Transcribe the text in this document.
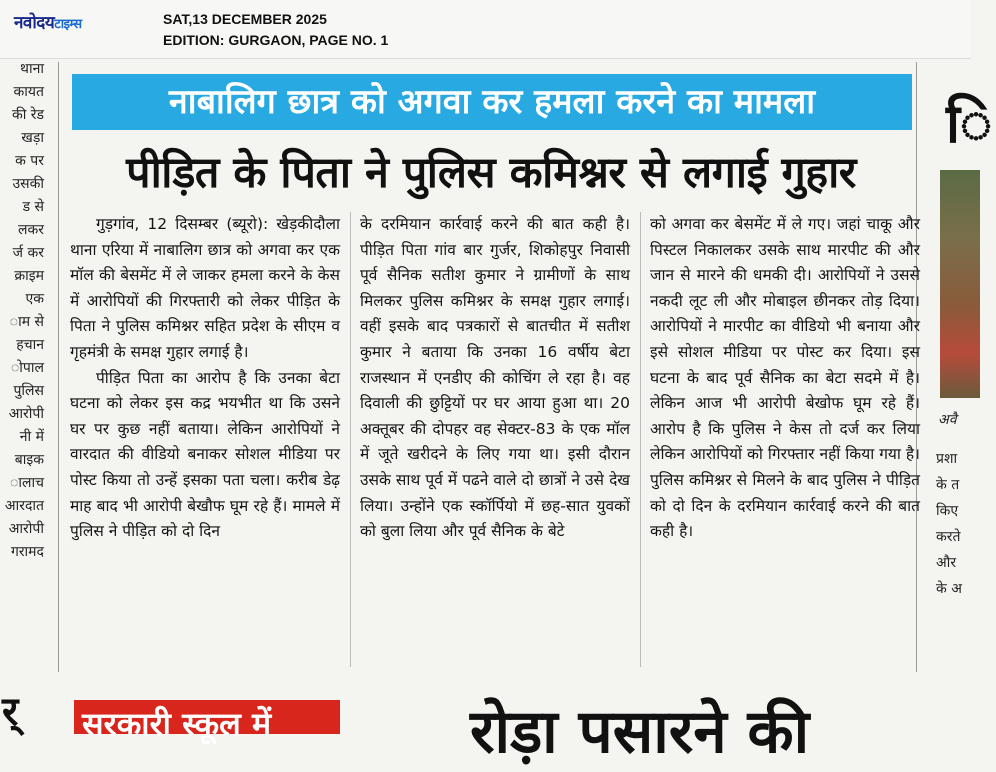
नवोदयटाइम्स	SAT,13 DECEMBER 2025
EDITION: GURGAON, PAGE NO. 1
थाना
कायत
की रेड
खड़ा
क पर
उसकी
ड से
लकर
र्ज कर
क्राइम
एक
ाम से
हचान
ोपाल
पुलिस
आरोपी
नी में
बाइक
ालाच
आरदात
आरोपी
गरामद
नाबालिग छात्र को अगवा कर हमला करने का मामला
पीड़ित के पिता ने पुलिस कमिश्नर से लगाई गुहार

गुड़गांव, 12 दिसम्बर (ब्यूरो): खेड़कीदौला थाना एरिया में नाबालिग छात्र को अगवा कर एक मॉल की बेसमेंट में ले जाकर हमला करने के केस में आरोपियों की गिरफ्तारी को लेकर पीड़ित के पिता ने पुलिस कमिश्नर सहित प्रदेश के सीएम व गृहमंत्री के समक्ष गुहार लगाई है।

पीड़ित पिता का आरोप है कि उनका बेटा घटना को लेकर इस कद्र भयभीत था कि उसने घर पर कुछ नहीं बताया। लेकिन आरोपियों ने वारदात की वीडियो बनाकर सोशल मीडिया पर पोस्ट किया तो उन्हें इसका पता चला। करीब डेढ़ माह बाद भी आरोपी बेखौफ घूम रहे हैं। मामले में पुलिस ने पीड़ित को दो दिन

के दरमियान कार्रवाई करने की बात कही है। पीड़ित पिता गांव बार गुर्जर, शिकोहपुर निवासी पूर्व सैनिक सतीश कुमार ने ग्रामीणों के साथ मिलकर पुलिस कमिश्नर के समक्ष गुहार लगाई। वहीं इसके बाद पत्रकारों से बातचीत में सतीश कुमार ने बताया कि उनका 16 वर्षीय बेटा राजस्थान में एनडीए की कोचिंग ले रहा है। वह दिवाली की छुट्टियों पर घर आया हुआ था। 20 अक्तूबर की दोपहर वह सेक्टर-83 के एक मॉल में जूते खरीदने के लिए गया था। इसी दौरान उसके साथ पूर्व में पढने वाले दो छात्रों ने उसे देख लिया। उन्होंने एक स्कॉर्पियो में छह-सात युवकों को बुला लिया और पूर्व सैनिक के बेटे

को अगवा कर बेसमेंट में ले गए। जहां चाकू और पिस्टल निकालकर उसके साथ मारपीट की और जान से मारने की धमकी दी। आरोपियों ने उससे नकदी लूट ली और मोबाइल छीनकर तोड़ दिया। आरोपियों ने मारपीट का वीडियो भी बनाया और इसे सोशल मीडिया पर पोस्ट कर दिया। इस घटना के बाद पूर्व सैनिक का बेटा सदमे में है। लेकिन आज भी आरोपी बेखोफ घूम रहे हैं। आरोप है कि पुलिस ने केस तो दर्ज कर लिया लेकिन आरोपियों को गिरफ्तार नहीं किया गया है। पुलिस कमिश्नर से मिलने के बाद पुलिस ने पीड़ित को दो दिन के दरमियान कार्रवाई करने की बात कही है।

ि
अवै
प्रशा
के त
किए
करते
और
के अ
र् सरकारी स्कूल में	रोड़ा पसारने की
